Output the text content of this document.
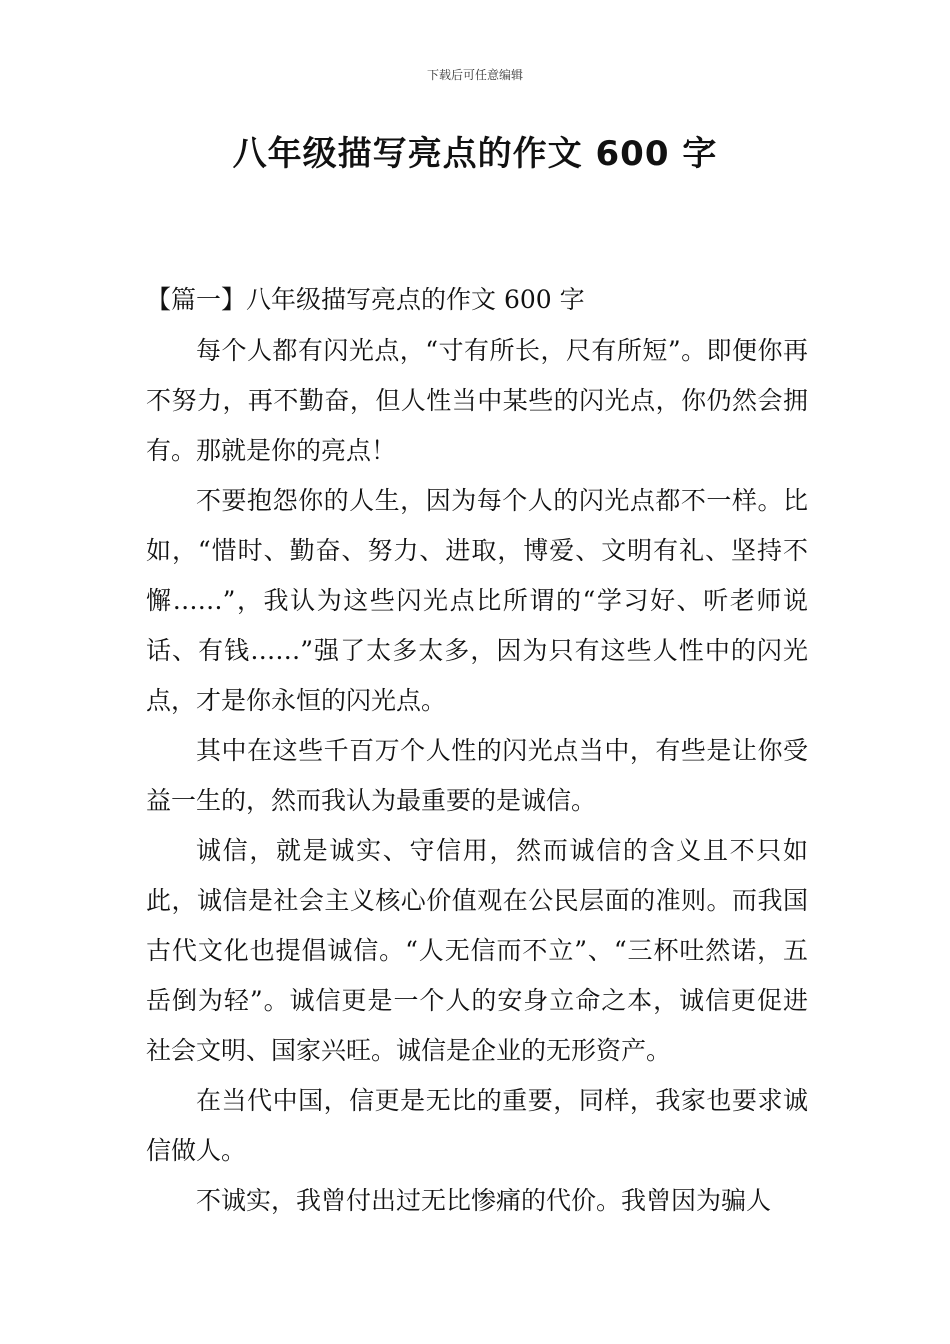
下载后可任意编辑
八年级描写亮点的作文 600 字
【篇一】八年级描写亮点的作文 600 字

每个人都有闪光点，“寸有所长，尺有所短”。即便你再不努力，再不勤奋，但人性当中某些的闪光点，你仍然会拥有。那就是你的亮点！

不要抱怨你的人生，因为每个人的闪光点都不一样。比如，“惜时、勤奋、努力、进取，博爱、文明有礼、坚持不懈……”，我认为这些闪光点比所谓的“学习好、听老师说话、有钱……”强了太多太多，因为只有这些人性中的闪光点，才是你永恒的闪光点。

其中在这些千百万个人性的闪光点当中，有些是让你受益一生的，然而我认为最重要的是诚信。

诚信，就是诚实、守信用，然而诚信的含义且不只如此，诚信是社会主义核心价值观在公民层面的准则。而我国古代文化也提倡诚信。“人无信而不立”、“三杯吐然诺，五岳倒为轻”。诚信更是一个人的安身立命之本，诚信更促进社会文明、国家兴旺。诚信是企业的无形资产。

在当代中国，信更是无比的重要，同样，我家也要求诚信做人。

不诚实，我曾付出过无比惨痛的代价。我曾因为骗人
